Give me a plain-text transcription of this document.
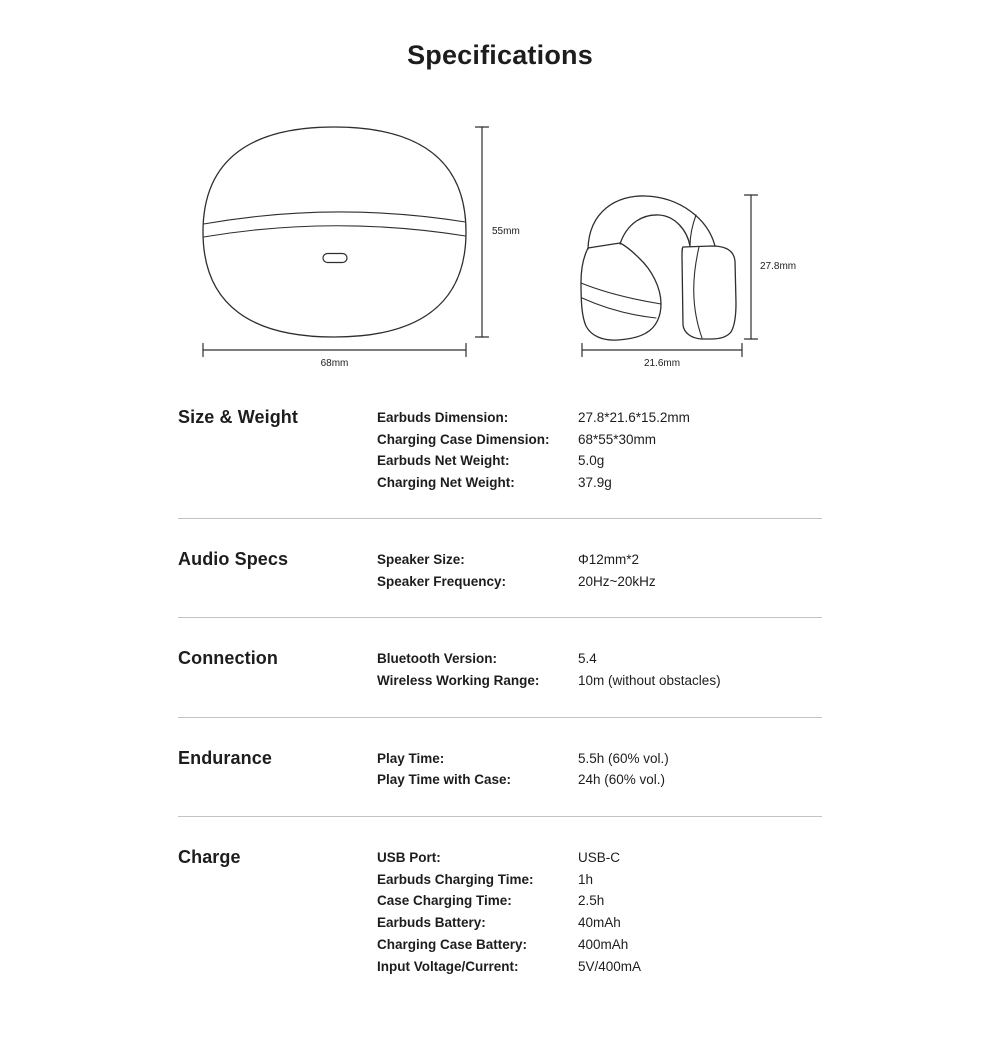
Specifications
55mm
68mm
27.8mm
21.6mm
Size & Weight	Earbuds Dimension:	27.8*21.6*15.2mm
Charging Case Dimension:	68*55*30mm
Earbuds Net Weight:	5.0g
Charging Net Weight:	37.9g
Audio Specs	Speaker Size:	Φ12mm*2
Speaker Frequency:	20Hz~20kHz
Connection	Bluetooth Version:	5.4
Wireless Working Range:	10m (without obstacles)
Endurance	Play Time:	5.5h (60% vol.)
Play Time with Case:	24h (60% vol.)
Charge	USB Port:	USB-C
Earbuds Charging Time:	1h
Case Charging Time:	2.5h
Earbuds Battery:	40mAh
Charging Case Battery:	400mAh
Input Voltage/Current:	5V/400mA
